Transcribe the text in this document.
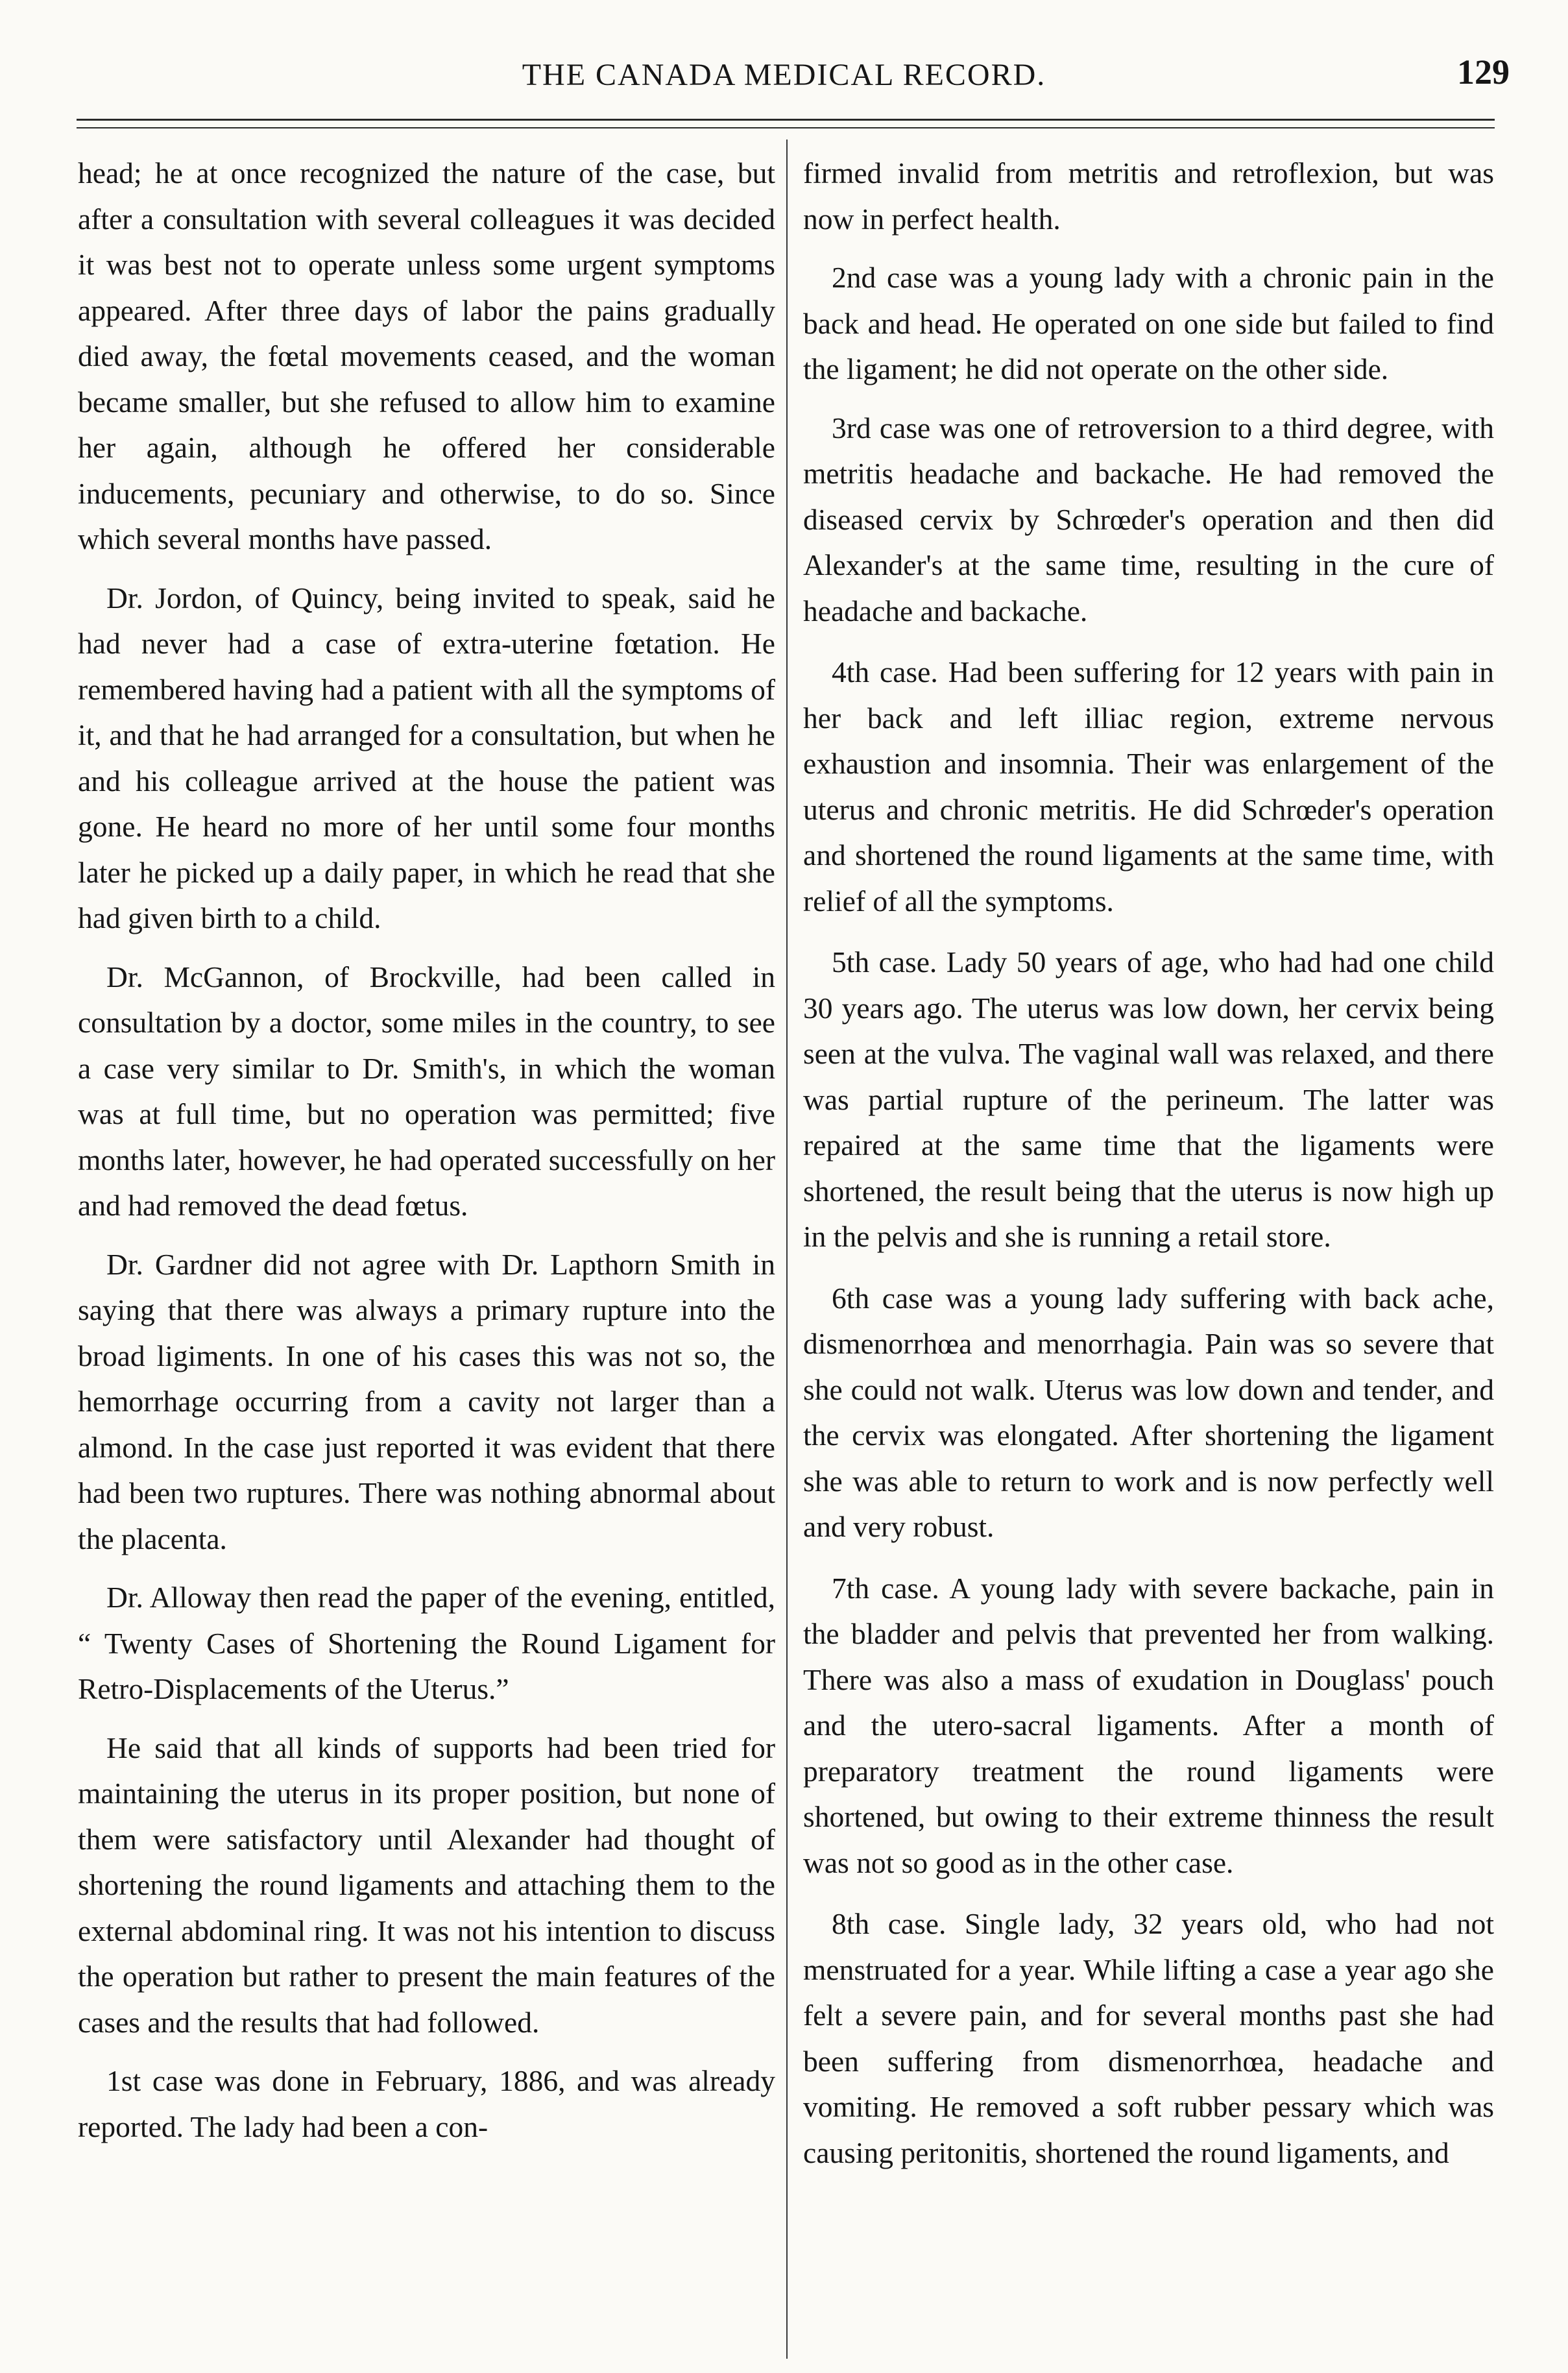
THE CANADA MEDICAL RECORD.	129

head; he at once recognized the nature of the case, but after a consultation with several colleagues it was decided it was best not to operate unless some urgent symptoms appeared. After three days of labor the pains gradually died away, the fœtal movements ceased, and the woman became smaller, but she refused to allow him to examine her again, although he offered her considerable inducements, pecuniary and otherwise, to do so. Since which several months have passed.

Dr. Jordon, of Quincy, being invited to speak, said he had never had a case of extra-uterine fœtation. He remembered having had a patient with all the symptoms of it, and that he had arranged for a consultation, but when he and his colleague arrived at the house the patient was gone. He heard no more of her until some four months later he picked up a daily paper, in which he read that she had given birth to a child.

Dr. McGannon, of Brockville, had been called in consultation by a doctor, some miles in the country, to see a case very similar to Dr. Smith's, in which the woman was at full time, but no operation was permitted; five months later, however, he had operated successfully on her and had removed the dead fœtus.

Dr. Gardner did not agree with Dr. Lapthorn Smith in saying that there was always a primary rupture into the broad ligiments. In one of his cases this was not so, the hemorrhage occurring from a cavity not larger than a almond. In the case just reported it was evident that there had been two ruptures. There was nothing abnormal about the placenta.

Dr. Alloway then read the paper of the evening, entitled, “ Twenty Cases of Shortening the Round Ligament for Retro-Displacements of the Uterus.”

He said that all kinds of supports had been tried for maintaining the uterus in its proper position, but none of them were satisfactory until Alexander had thought of shortening the round ligaments and attaching them to the external abdominal ring. It was not his intention to discuss the operation but rather to present the main features of the cases and the results that had followed.

1st case was done in February, 1886, and was already reported. The lady had been a con-

firmed invalid from metritis and retroflexion, but was now in perfect health.

2nd case was a young lady with a chronic pain in the back and head. He operated on one side but failed to find the ligament; he did not operate on the other side.

3rd case was one of retroversion to a third degree, with metritis headache and backache. He had removed the diseased cervix by Schrœder's operation and then did Alexander's at the same time, resulting in the cure of headache and backache.

4th case. Had been suffering for 12 years with pain in her back and left illiac region, extreme nervous exhaustion and insomnia. Their was enlargement of the uterus and chronic metritis. He did Schrœder's operation and shortened the round ligaments at the same time, with relief of all the symptoms.

5th case. Lady 50 years of age, who had had one child 30 years ago. The uterus was low down, her cervix being seen at the vulva. The vaginal wall was relaxed, and there was partial rupture of the perineum. The latter was repaired at the same time that the ligaments were shortened, the result being that the uterus is now high up in the pelvis and she is running a retail store.

6th case was a young lady suffering with back ache, dismenorrhœa and menorrhagia. Pain was so severe that she could not walk. Uterus was low down and tender, and the cervix was elongated. After shortening the ligament she was able to return to work and is now perfectly well and very robust.

7th case. A young lady with severe backache, pain in the bladder and pelvis that prevented her from walking. There was also a mass of exudation in Douglass' pouch and the utero-sacral ligaments. After a month of preparatory treatment the round ligaments were shortened, but owing to their extreme thinness the result was not so good as in the other case.

8th case. Single lady, 32 years old, who had not menstruated for a year. While lifting a case a year ago she felt a severe pain, and for several months past she had been suffering from dismenorrhœa, headache and vomiting. He removed a soft rubber pessary which was causing peritonitis, shortened the round ligaments, and
